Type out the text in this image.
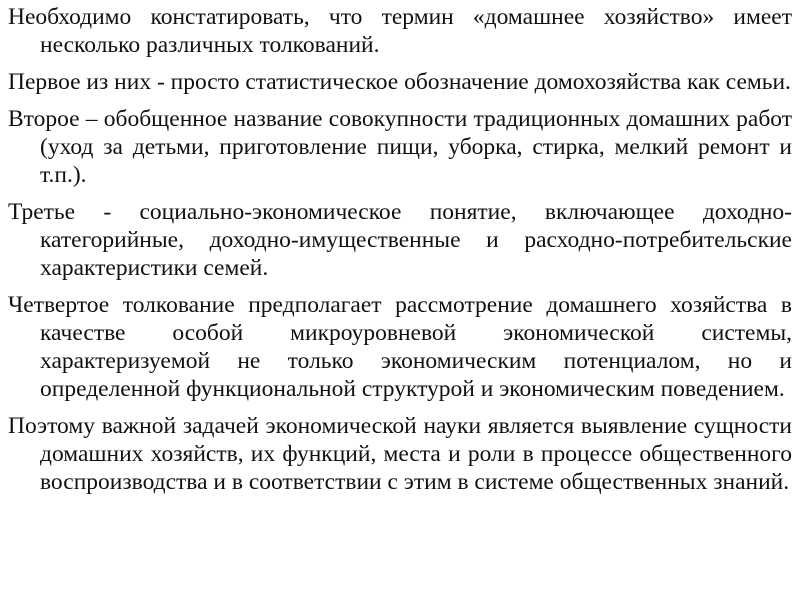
Необходимо констатировать, что термин «домашнее хозяйство» имеет несколько различных толкований.

Первое из них - просто статистическое обозначение домохозяйства как семьи.

Второе – обобщенное название совокупности традиционных домашних работ (уход за детьми, приготовление пищи, уборка, стирка, мелкий ремонт и т.п.).

Третье - социально-экономическое понятие, включающее доходно-категорийные, доходно-имущественные и расходно-потребительские характеристики семей.

Четвертое толкование предполагает рассмотрение домашнего хозяйства в качестве особой микроуровневой экономической системы, характеризуемой не только экономическим потенциалом, но и определенной функциональной структурой и экономическим поведением.

Поэтому важной задачей экономической науки является выявление сущности домашних хозяйств, их функций, места и роли в процессе общественного воспроизводства и в соответствии с этим в системе общественных знаний.
